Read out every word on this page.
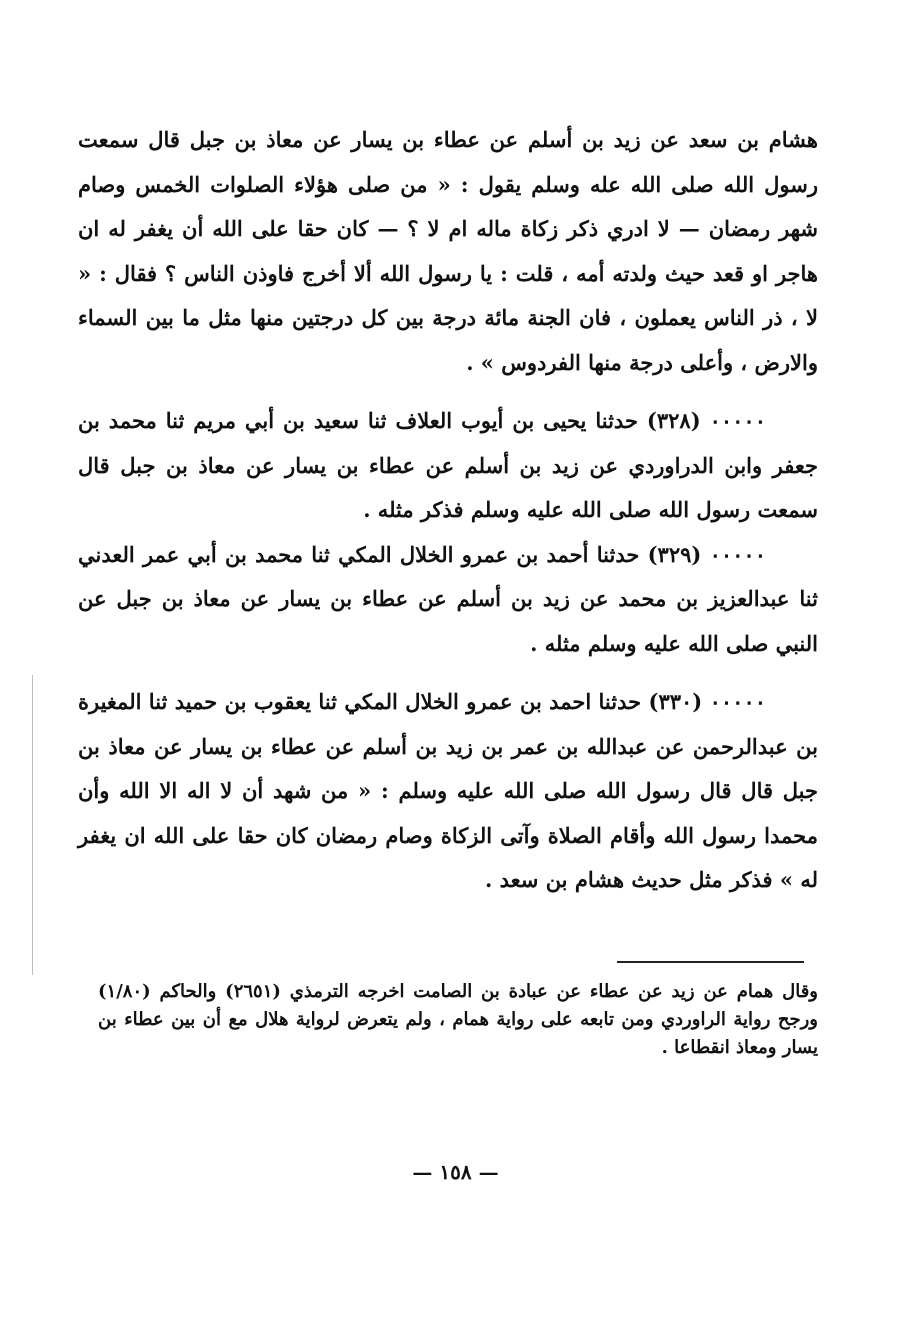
هشام بن سعد عن زيد بن أسلم عن عطاء بن يسار عن معاذ بن جبل قال سمعت رسول الله صلى الله عله وسلم يقول : « من صلى هؤلاء الصلوات الخمس وصام شهر رمضان — لا ادري ذكر زكاة ماله ام لا ؟ — كان حقا على الله أن يغفر له ان هاجر او قعد حيث ولدته أمه ، قلت : يا رسول الله ألا أخرج فاوذن الناس ؟ فقال : « لا ، ذر الناس يعملون ، فان الجنة مائة درجة بين كل درجتين منها مثل ما بين السماء والارض ، وأعلى درجة منها الفردوس » .

٠٠٠٠٠ (٣٢٨) حدثنا يحيى بن أيوب العلاف ثنا سعيد بن أبي مريم ثنا محمد بن جعفر وابن الدراوردي عن زيد بن أسلم عن عطاء بن يسار عن معاذ بن جبل قال سمعت رسول الله صلى الله عليه وسلم فذكر مثله .

٠٠٠٠٠ (٣٢٩) حدثنا أحمد بن عمرو الخلال المكي ثنا محمد بن أبي عمر العدني ثنا عبدالعزيز بن محمد عن زيد بن أسلم عن عطاء بن يسار عن معاذ بن جبل عن النبي صلى الله عليه وسلم مثله .

٠٠٠٠٠ (٣٣٠) حدثنا احمد بن عمرو الخلال المكي ثنا يعقوب بن حميد ثنا المغيرة بن عبدالرحمن عن عبدالله بن عمر بن زيد بن أسلم عن عطاء بن يسار عن معاذ بن جبل قال قال رسول الله صلى الله عليه وسلم : « من شهد أن لا اله الا الله وأن محمدا رسول الله وأقام الصلاة وآتى الزكاة وصام رمضان كان حقا على الله ان يغفر له » فذكر مثل حديث هشام بن سعد .

وقال همام عن زيد عن عطاء عن عبادة بن الصامت اخرجه الترمذي (٢٦٥١) والحاكم (١/٨٠) ورجح رواية الراوردي ومن تابعه على رواية همام ، ولم يتعرض لرواية هلال مع أن بين عطاء بن يسار ومعاذ انقطاعا .

— ١٥٨ —
